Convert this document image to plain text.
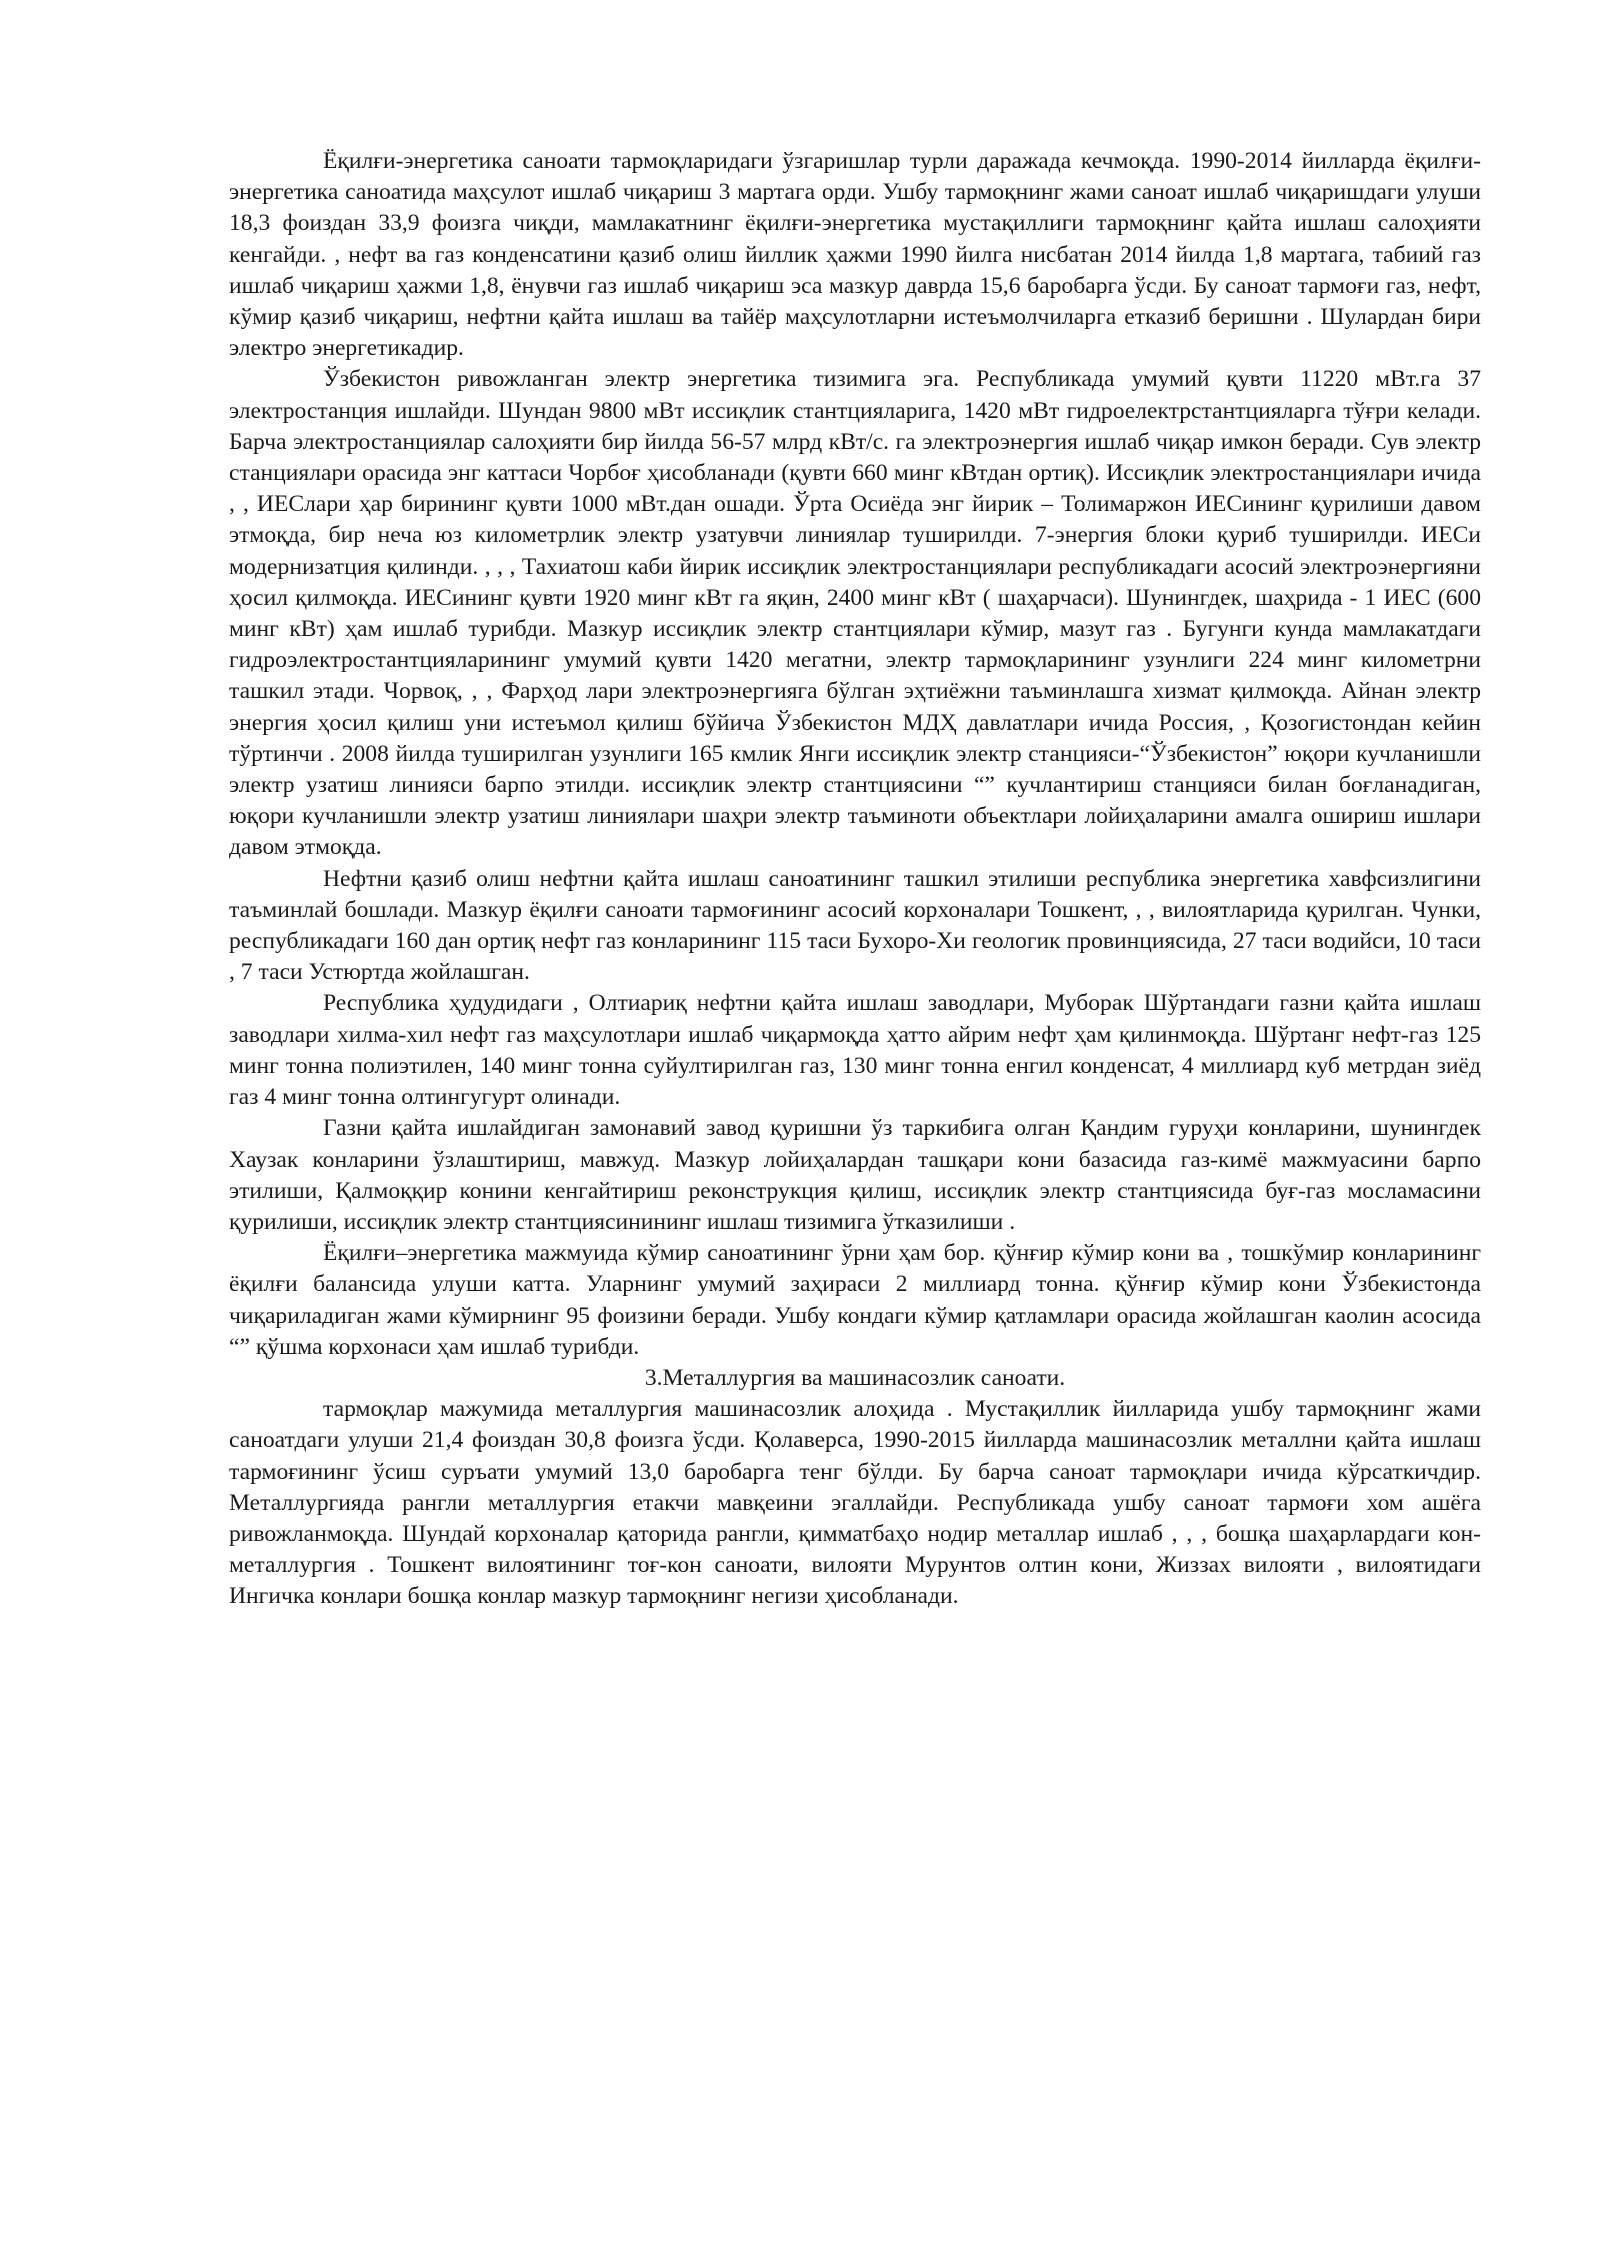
Ёқилғи-энергетика саноати тармоқларидаги ўзгаришлар турли даражада кечмоқда. 1990-2014 йилларда ёқилғи-энергетика саноатида маҳсулот ишлаб чиқариш 3 мартага орди. Ушбу тармоқнинг жами саноат ишлаб чиқаришдаги улуши 18,3 фоиздан 33,9 фоизга чиқди, мамлакатнинг ёқилғи-энергетика мустақиллиги тармоқнинг қайта ишлаш салоҳияти кенгайди. , нефт ва газ конденсатини қазиб олиш йиллик ҳажми 1990 йилга нисбатан 2014 йилда 1,8 мартага, табиий газ ишлаб чиқариш ҳажми 1,8, ёнувчи газ ишлаб чиқариш эса мазкур даврда 15,6 баробарга ўсди. Бу саноат тармоғи газ, нефт, кўмир қазиб чиқариш, нефтни қайта ишлаш ва тайёр маҳсулотларни истеъмолчиларга етказиб беришни . Шулардан бири электро энергетикадир.

Ўзбекистон ривожланган электр энергетика тизимига эга. Республикада умумий қувти 11220 мВт.га 37 электростанция ишлайди. Шундан 9800 мВт иссиқлик стантцияларига, 1420 мВт гидроелектрстантцияларга тўғри келади. Барча электростанциялар салоҳияти бир йилда 56-57 млрд кВт/с. га электроэнергия ишлаб чиқар имкон беради. Сув электр станциялари орасида энг каттаси Чорбоғ ҳисобланади (қувти 660 минг кВтдан ортиқ). Иссиқлик электростанциялари ичида , , ИЕСлари ҳар бирининг қувти 1000 мВт.дан ошади. Ўрта Осиёда энг йирик – Толимаржон ИЕСининг қурилиши давом этмоқда, бир неча юз километрлик электр узатувчи линиялар туширилди. 7-энергия блоки қуриб туширилди. ИЕСи модернизатция қилинди. , , , Тахиатош каби йирик иссиқлик электростанциялари республикадаги асосий электроэнергияни ҳосил қилмоқда. ИЕСининг қувти 1920 минг кВт га яқин, 2400 минг кВт ( шаҳарчаси). Шунингдек, шаҳрида - 1 ИЕС (600 минг кВт) ҳам ишлаб турибди. Мазкур иссиқлик электр стантциялари кўмир, мазут газ . Бугунги кунда мамлакатдаги гидроэлектростантцияларининг умумий қувти 1420 мегатни, электр тармоқларининг узунлиги 224 минг километрни ташкил этади. Чорвоқ, , , Фарҳод лари электроэнергияга бўлган эҳтиёжни таъминлашга хизмат қилмоқда. Айнан электр энергия ҳосил қилиш уни истеъмол қилиш бўйича Ўзбекистон МДҲ давлатлари ичида Россия, , Қозогистондан кейин тўртинчи . 2008 йилда туширилган узунлиги 165 кмлик Янги иссиқлик электр станцияси-“Ўзбекистон” юқори кучланишли электр узатиш линияси барпо этилди. иссиқлик электр стантциясини “” кучлантириш станцияси билан боғланадиган, юқори кучланишли электр узатиш линиялари шаҳри электр таъминоти объектлари лойиҳаларини амалга ошириш ишлари давом этмоқда.

Нефтни қазиб олиш нефтни қайта ишлаш саноатининг ташкил этилиши республика энергетика хавфсизлигини таъминлай бошлади. Мазкур ёқилғи саноати тармоғининг асосий корхоналари Тошкент, , , вилоятларида қурилган. Чунки, республикадаги 160 дан ортиқ нефт газ конларининг 115 таси Бухоро-Хи геологик провинциясида, 27 таси водийси, 10 таси , 7 таси Устюртда жойлашган.

Республика ҳудудидаги , Олтиариқ нефтни қайта ишлаш заводлари, Муборак Шўртандаги газни қайта ишлаш заводлари хилма-хил нефт газ маҳсулотлари ишлаб чиқармоқда ҳатто айрим нефт ҳам қилинмоқда. Шўртанг нефт-газ 125 минг тонна полиэтилен, 140 минг тонна суйултирилган газ, 130 минг тонна енгил конденсат, 4 миллиард куб метрдан зиёд газ 4 минг тонна олтингугурт олинади.

Газни қайта ишлайдиган замонавий завод қуришни ўз таркибига олган Қандим гуруҳи конларини, шунингдек Хаузак конларини ўзлаштириш, мавжуд. Мазкур лойиҳалардан ташқари кони базасида газ-кимё мажмуасини барпо этилиши, Қалмоққир конини кенгайтириш реконструкция қилиш, иссиқлик электр стантциясида буғ-газ мосламасини қурилиши, иссиқлик электр стантциясинининг ишлаш тизимига ўтказилиши .

Ёқилғи–энергетика мажмуида кўмир саноатининг ўрни ҳам бор. қўнғир кўмир кони ва , тошкўмир конларининг ёқилғи балансида улуши катта. Уларнинг умумий заҳираси 2 миллиард тонна. қўнғир кўмир кони Ўзбекистонда чиқариладиган жами кўмирнинг 95 фоизини беради. Ушбу кондаги кўмир қатламлари орасида жойлашган каолин асосида “” қўшма корхонаси ҳам ишлаб турибди.

3.Металлургия ва машинасозлик саноати.

тармоқлар мажумида металлургия машинасозлик алоҳида . Мустақиллик йилларида ушбу тармоқнинг жами саноатдаги улуши 21,4 фоиздан 30,8 фоизга ўсди. Қолаверса, 1990-2015 йилларда машинасозлик металлни қайта ишлаш тармоғининг ўсиш суръати умумий 13,0 баробарга тенг бўлди. Бу барча саноат тармоқлари ичида кўрсаткичдир. Металлургияда рангли металлургия етакчи мавқеини эгаллайди. Республикада ушбу саноат тармоғи хом ашёга ривожланмоқда. Шундай корхоналар қаторида рангли, қимматбаҳо нодир металлар ишлаб , , , бошқа шаҳарлардаги кон-металлургия . Тошкент вилоятининг тоғ-кон саноати, вилояти Мурунтов олтин кони, Жиззах вилояти , вилоятидаги Ингичка конлари бошқа конлар мазкур тармоқнинг негизи ҳисобланади.
